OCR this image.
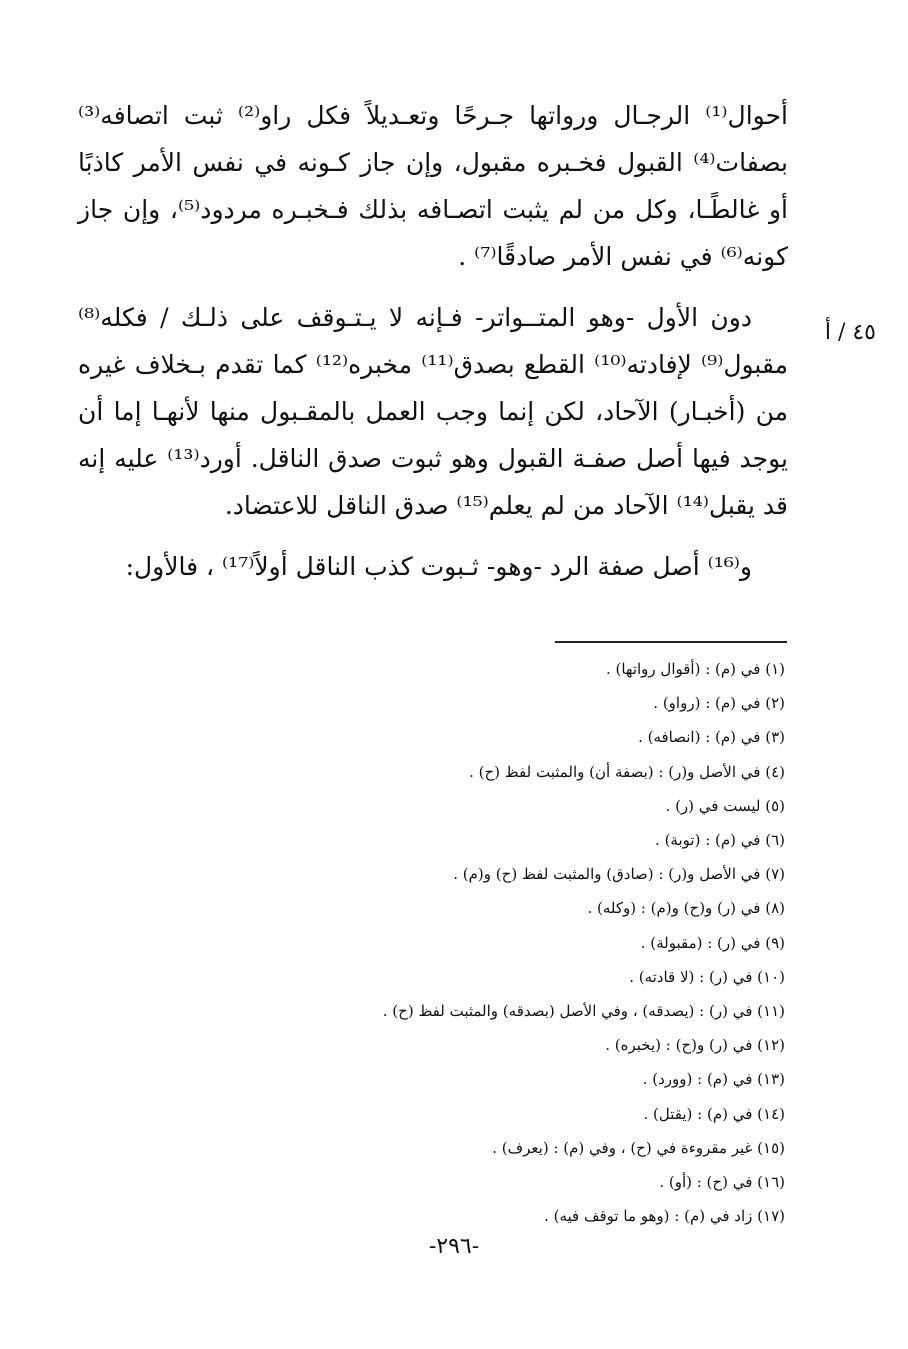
٤٥ / أ

أحوال⁽¹⁾ الرجـال ورواتها جـرحًا وتعـديلاً فكل راو⁽²⁾ ثبت اتصافه⁽³⁾ بصفات⁽⁴⁾ القبول فخـبره مقبول، وإن جاز كـونه في نفس الأمر كاذبًا أو غالطًـا، وكل من لم يثبت اتصـافه بذلك فـخبـره مردود⁽⁵⁾، وإن جاز كونه⁽⁶⁾ في نفس الأمر صادقًا⁽⁷⁾ .

دون الأول -وهو المتــواتر- فـإنه لا يـتـوقف على ذلـك / فكله⁽⁸⁾ مقبول⁽⁹⁾ لإفادته⁽¹⁰⁾ القطع بصدق⁽¹¹⁾ مخبره⁽¹²⁾ كما تقدم بـخلاف غيره من (أخبـار) الآحاد، لكن إنما وجب العمل بالمقـبول منها لأنهـا إما أن يوجد فيها أصل صفـة القبول وهو ثبوت صدق الناقل. أورد⁽¹³⁾ عليه إنه قد يقبل⁽¹⁴⁾ الآحاد من لم يعلم⁽¹⁵⁾ صدق الناقل للاعتضاد.

و⁽¹⁶⁾ أصل صفة الرد -وهو- ثـبوت كذب الناقل أولاً⁽¹⁷⁾ ، فالأول:

(١) في (م) : (أقوال رواتها) .
(٢) في (م) : (رواو) .
(٣) في (م) : (انصافه) .
(٤) في الأصل و(ر) : (بصفة أن) والمثبت لفظ (ح) .
(٥) ليست في (ر) .
(٦) في (م) : (توبة) .
(٧) في الأصل و(ر) : (صادق) والمثبت لفظ (ح) و(م) .
(٨) في (ر) و(ح) و(م) : (وكله) .
(٩) في (ر) : (مقبولة) .
(١٠) في (ر) : (لا قادته) .
(١١) في (ر) : (يصدقه) ، وفي الأصل (بصدقه) والمثبت لفظ (ح) .
(١٢) في (ر) و(ح) : (يخبره) .
(١٣) في (م) : (وورد) .
(١٤) في (م) : (يقتل) .
(١٥) غير مقروءة في (ح) ، وفي (م) : (يعرف) .
(١٦) في (ح) : (أو) .
(١٧) زاد في (م) : (وهو ما توقف فيه) .
-٢٩٦-
